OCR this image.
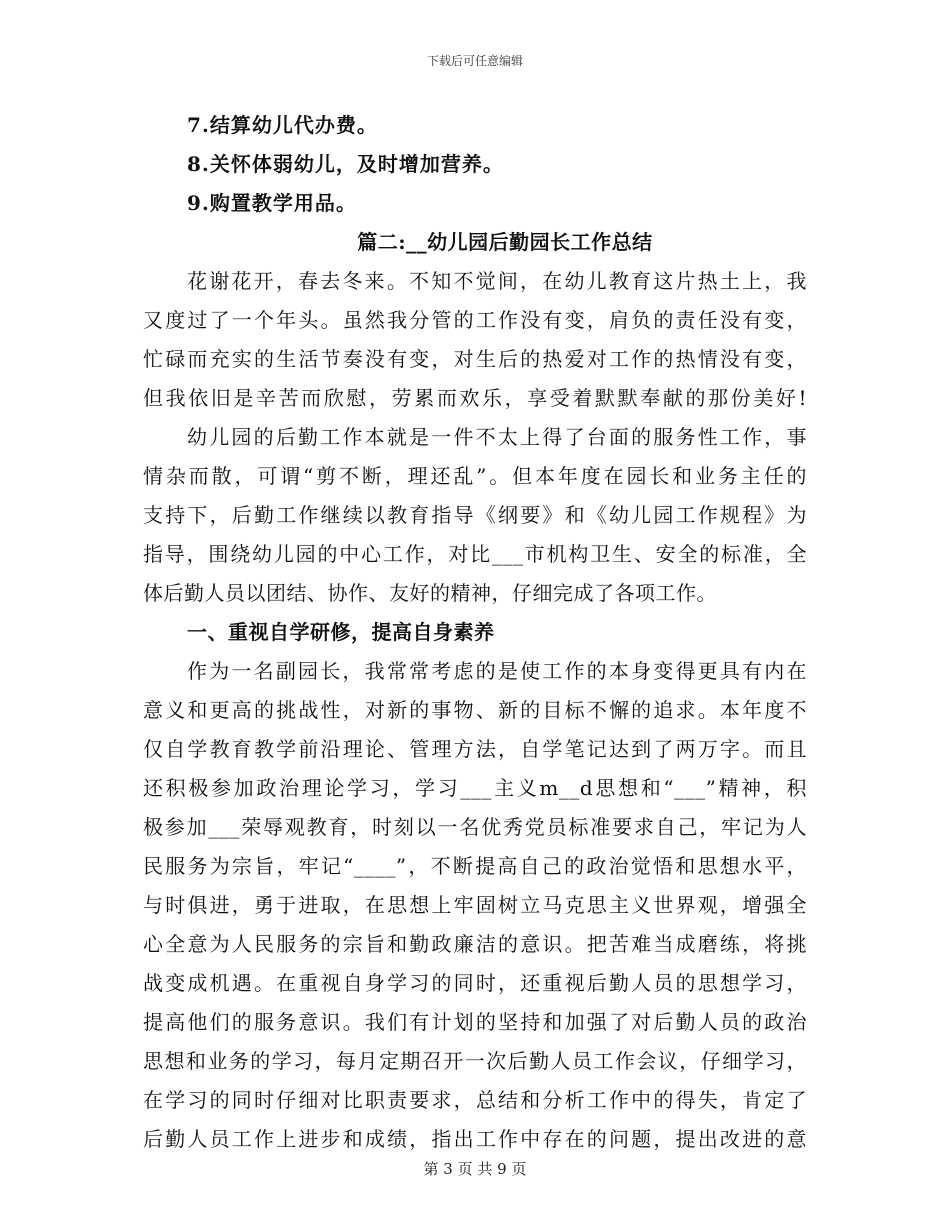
下载后可任意编辑
7.结算幼儿代办费。
8.关怀体弱幼儿，及时增加营养。
9.购置教学用品。
篇二:__幼儿园后勤园长工作总结
花谢花开，春去冬来。不知不觉间，在幼儿教育这片热土上，我
又度过了一个年头。虽然我分管的工作没有变，肩负的责任没有变，
忙碌而充实的生活节奏没有变，对生后的热爱对工作的热情没有变，
但我依旧是辛苦而欣慰，劳累而欢乐，享受着默默奉献的那份美好!
幼儿园的后勤工作本就是一件不太上得了台面的服务性工作，事
情杂而散，可谓“剪不断，理还乱”。但本年度在园长和业务主任的
支持下，后勤工作继续以教育指导《纲要》和《幼儿园工作规程》为
指导，围绕幼儿园的中心工作，对比___市机构卫生、安全的标准，全
体后勤人员以团结、协作、友好的精神，仔细完成了各项工作。
一、重视自学研修，提高自身素养
作为一名副园长，我常常考虑的是使工作的本身变得更具有内在
意义和更高的挑战性，对新的事物、新的目标不懈的追求。本年度不
仅自学教育教学前沿理论、管理方法，自学笔记达到了两万字。而且
还积极参加政治理论学习，学习___主义m__d思想和“___”精神，积
极参加___荣辱观教育，时刻以一名优秀党员标准要求自己，牢记为人
民服务为宗旨，牢记“____”，不断提高自己的政治觉悟和思想水平，
与时俱进，勇于进取，在思想上牢固树立马克思主义世界观，增强全
心全意为人民服务的宗旨和勤政廉洁的意识。把苦难当成磨练，将挑
战变成机遇。在重视自身学习的同时，还重视后勤人员的思想学习，
提高他们的服务意识。我们有计划的坚持和加强了对后勤人员的政治
思想和业务的学习，每月定期召开一次后勤人员工作会议，仔细学习，
在学习的同时仔细对比职责要求，总结和分析工作中的得失，肯定了
后勤人员工作上进步和成绩，指出工作中存在的问题，提出改进的意
第 3 页 共 9 页
